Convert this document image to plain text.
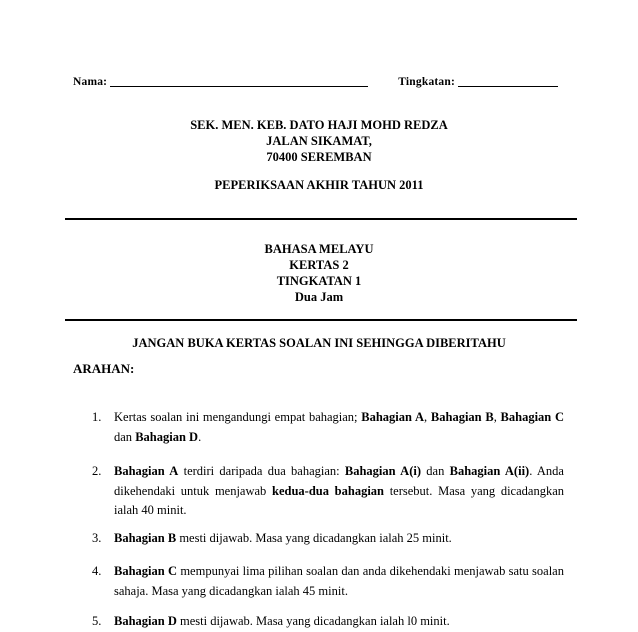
Nama:	Tingkatan:
SEK. MEN. KEB. DATO HAJI MOHD REDZA
JALAN SIKAMAT,
70400 SEREMBAN
PEPERIKSAAN AKHIR TAHUN 2011
BAHASA MELAYU
KERTAS 2
TINGKATAN 1
Dua Jam
JANGAN BUKA KERTAS SOALAN INI SEHINGGA DIBERITAHU
ARAHAN:
1.	Kertas soalan ini mengandungi empat bahagian; Bahagian A, Bahagian B, Bahagian C dan Bahagian D.
2.	Bahagian A terdiri daripada dua bahagian: Bahagian A(i) dan Bahagian A(ii). Anda dikehendaki untuk menjawab kedua-dua bahagian tersebut. Masa yang dicadangkan ialah 40 minit.
3.	Bahagian B mesti dijawab. Masa yang dicadangkan ialah 25 minit.
4.	Bahagian C mempunyai lima pilihan soalan dan anda dikehendaki menjawab satu soalan sahaja. Masa yang dicadangkan ialah 45 minit.
5.	Bahagian D mesti dijawab. Masa yang dicadangkan ialah l0 minit.
